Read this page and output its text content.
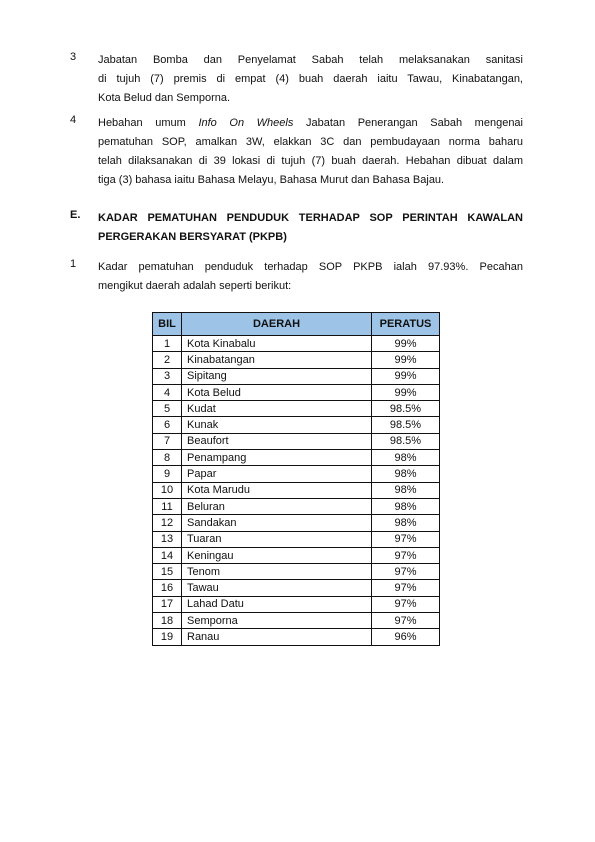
3	Jabatan Bomba dan Penyelamat Sabah telah melaksanakan sanitasi
di tujuh (7) premis di empat (4) buah daerah iaitu Tawau, Kinabatangan,
Kota Belud dan Semporna.
4	Hebahan umum Info On Wheels Jabatan Penerangan Sabah mengenai
pematuhan SOP, amalkan 3W, elakkan 3C dan pembudayaan norma baharu
telah dilaksanakan di 39 lokasi di tujuh (7) buah daerah. Hebahan dibuat dalam
tiga (3) bahasa iaitu Bahasa Melayu, Bahasa Murut dan Bahasa Bajau.
E.	KADAR PEMATUHAN PENDUDUK TERHADAP SOP PERINTAH KAWALAN
PERGERAKAN BERSYARAT (PKPB)
1	Kadar pematuhan penduduk terhadap SOP PKPB ialah 97.93%. Pecahan
mengikut daerah adalah seperti berikut:
BIL	DAERAH	PERATUS
1	Kota Kinabalu	99%
2	Kinabatangan	99%
3	Sipitang	99%
4	Kota Belud	99%
5	Kudat	98.5%
6	Kunak	98.5%
7	Beaufort	98.5%
8	Penampang	98%
9	Papar	98%
10	Kota Marudu	98%
11	Beluran	98%
12	Sandakan	98%
13	Tuaran	97%
14	Keningau	97%
15	Tenom	97%
16	Tawau	97%
17	Lahad Datu	97%
18	Semporna	97%
19	Ranau	96%
